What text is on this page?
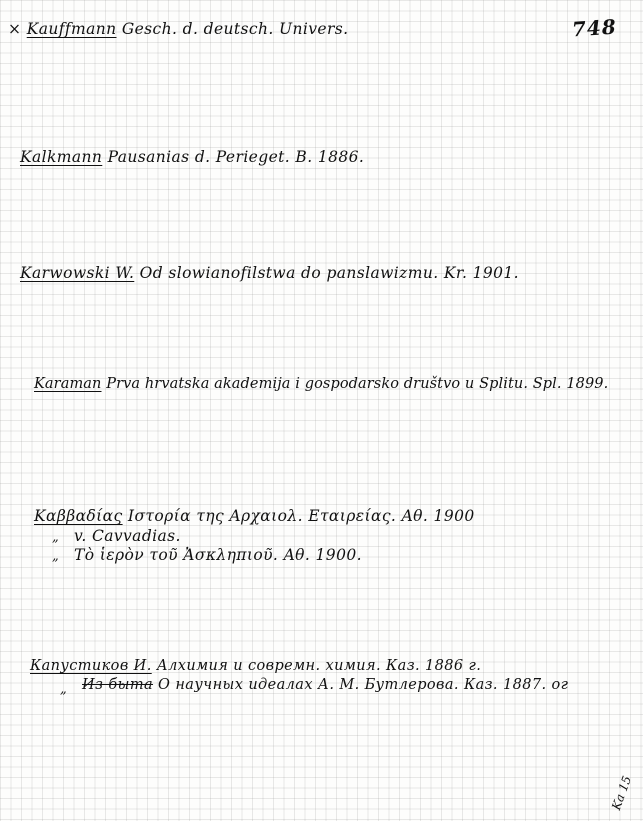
748
× Kauffmann Gesch. d. deutsch. Univers.
Kalkmann Pausanias d. Perieget. B. 1886.
Karwowski W. Od slowianofilstwa do panslawizmu. Kr. 1901.
Karaman Prva hrvatska akademija i gospodarsko društvo u Splitu. Spl. 1899.
Καββαδίας Ιστορία της Αρχαιολ. Εταιρείας. Αθ. 1900
„ v. Cavvadias.
„ Τὸ ἱερὸν τοῦ Ἀσκληπιοῦ. Αθ. 1900.
Капустиков И. Алхимия и совремн. химия. Каз. 1886 г.
„ Из быта О научных идеалах А. М. Бутлерова. Каз. 1887. ог
Ka 15
